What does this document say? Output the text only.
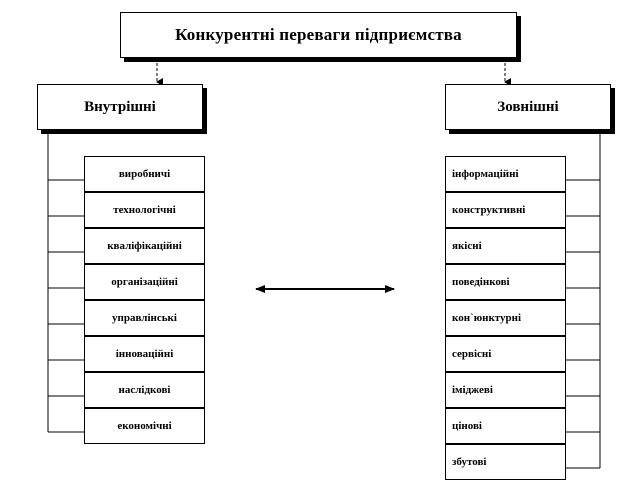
Конкурентні переваги підприємства
Внутрішні	Зовнішні
виробничі
технологічні
кваліфікаційні
організаційні
управлінські
інноваційні
наслідкові
економічні
інформаційні
конструктивні
якісні
поведінкові
кон`юнктурні
сервісні
іміджеві
цінові
збутові
